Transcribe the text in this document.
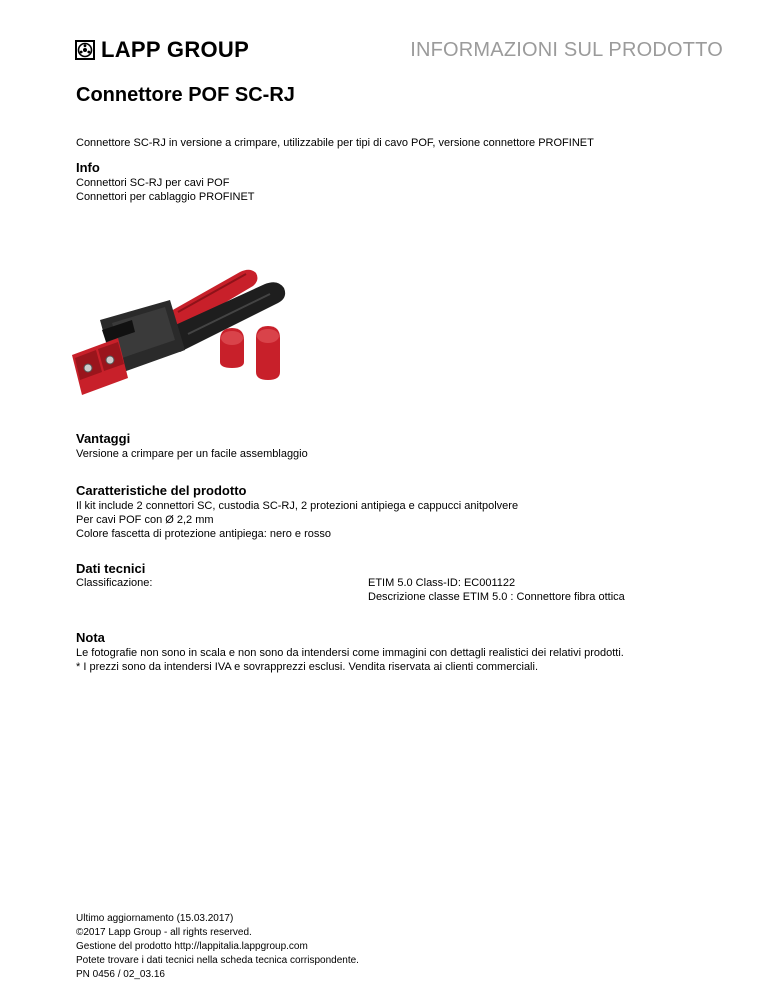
LAPP GROUP	INFORMAZIONI SUL PRODOTTO
Connettore POF SC-RJ
Connettore SC-RJ in versione a crimpare, utilizzabile per tipi di cavo POF, versione connettore PROFINET
Info
Connettori SC-RJ per cavi POF
Connettori per cablaggio PROFINET
Vantaggi
Versione a crimpare per un facile assemblaggio
Caratteristiche del prodotto
Il kit include 2 connettori SC, custodia SC-RJ, 2 protezioni antipiega e cappucci anitpolvere
Per cavi POF con Ø 2,2 mm
Colore fascetta di protezione antipiega: nero e rosso
Dati tecnici
Classificazione:	ETIM 5.0 Class-ID: EC001122
Descrizione classe ETIM 5.0 : Connettore fibra ottica
Nota
Le fotografie non sono in scala e non sono da intendersi come immagini con dettagli realistici dei relativi prodotti.
* I prezzi sono da intendersi IVA e sovrapprezzi esclusi. Vendita riservata ai clienti commerciali.
Ultimo aggiornamento (15.03.2017)
©2017 Lapp Group - all rights reserved.
Gestione del prodotto http://lappitalia.lappgroup.com
Potete trovare i dati tecnici nella scheda tecnica corrispondente.
PN 0456 / 02_03.16
